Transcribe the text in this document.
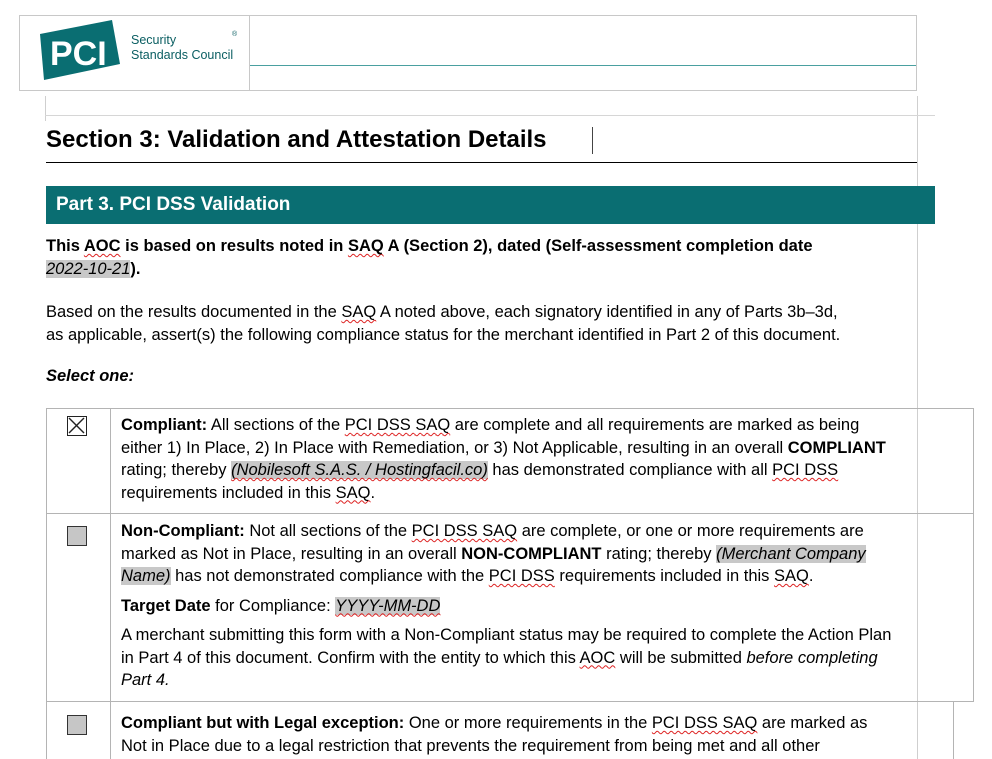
PCI Security
Standards Council
®
Section 3: Validation and Attestation Details
Part 3. PCI DSS Validation
This AOC is based on results noted in SAQ A (Section 2), dated (Self-assessment completion date
2022-10-21).
Based on the results documented in the SAQ A noted above, each signatory identified in any of Parts 3b–3d,
as applicable, assert(s) the following compliance status for the merchant identified in Part 2 of this document.
Select one:
Compliant: All sections of the PCI DSS SAQ are complete and all requirements are marked as being
either 1) In Place, 2) In Place with Remediation, or 3) Not Applicable, resulting in an overall COMPLIANT
rating; thereby (Nobilesoft S.A.S. / Hostingfacil.co) has demonstrated compliance with all PCI DSS
requirements included in this SAQ.
Non-Compliant: Not all sections of the PCI DSS SAQ are complete, or one or more requirements are
marked as Not in Place, resulting in an overall NON-COMPLIANT rating; thereby (Merchant Company
Name) has not demonstrated compliance with the PCI DSS requirements included in this SAQ.
Target Date for Compliance: YYYY-MM-DD
A merchant submitting this form with a Non-Compliant status may be required to complete the Action Plan
in Part 4 of this document. Confirm with the entity to which this AOC will be submitted before completing
Part 4.
Compliant but with Legal exception: One or more requirements in the PCI DSS SAQ are marked as
Not in Place due to a legal restriction that prevents the requirement from being met and all other
